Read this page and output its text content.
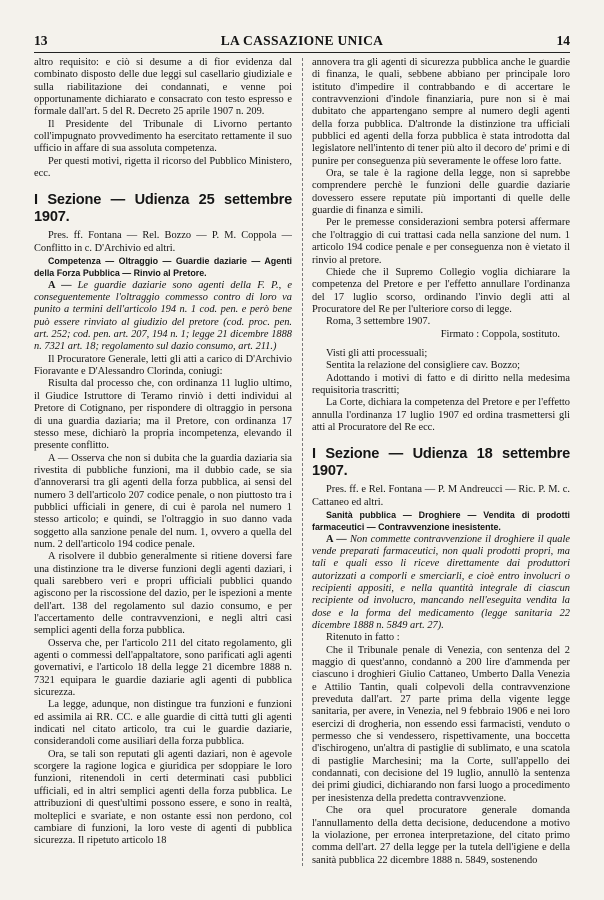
13	LA CASSAZIONE UNICA	14

altro requisito: e ciò si desume a di fior evidenza dal combinato disposto delle due leggi sul casellario giudiziale e sulla riabilitazione dei condannati, e venne poi opportunamente dichiarato e consacrato con testo espresso e formale dall'art. 5 del R. Decreto 25 aprile 1907 n. 209.

Il Presidente del Tribunale di Livorno pertanto coll'impugnato provvedimento ha esercitato rettamente il suo ufficio in affare di sua assoluta competenza.

Per questi motivi, rigetta il ricorso del Pubblico Ministero, ecc.

I Sezione — Udienza 25 settembre 1907.

Pres. ff. Fontana — Rel. Bozzo — P. M. Coppola — Conflitto in c. D'Archivio ed altri.

Competenza — Oltraggio — Guardie daziarie — Agenti della Forza Pubblica — Rinvio al Pretore.

A — Le guardie daziarie sono agenti della F. P., e conseguentemente l'oltraggio commesso contro di loro va punito a termini dell'articolo 194 n. 1 cod. pen. e però bene può essere rinviato al giudizio del pretore (cod. proc. pen. art. 252; cod. pen. art. 207, 194 n. 1; legge 21 dicembre 1888 n. 7321 art. 18; regolamento sul dazio consumo, art. 211.)

Il Procuratore Generale, letti gli atti a carico di D'Archivio Fioravante e D'Alessandro Clorinda, coniugi:

Risulta dal processo che, con ordinanza 11 luglio ultimo, il Giudice Istruttore di Teramo rinviò i detti individui al Pretore di Cotignano, per rispondere di oltraggio in persona di una guardia daziaria; ma il Pretore, con ordinanza 17 stesso mese, dichiarò la propria incompetenza, elevando il presente conflitto.

A — Osserva che non si dubita che la guardia daziaria sia rivestita di pubbliche funzioni, ma il dubbio cade, se sia d'annoverarsi tra gli agenti della forza pubblica, ai sensi del numero 3 dell'articolo 207 codice penale, o non piuttosto tra i pubblici ufficiali in genere, di cui è parola nel numero 1 stesso articolo; e quindi, se l'oltraggio in suo danno vada soggetto alla sanzione penale del num. 1, ovvero a quella del num. 2 dell'articolo 194 codice penale.

A risolvere il dubbio generalmente si ritiene doversi fare una distinzione tra le diverse funzioni degli agenti daziari, i quali sarebbero veri e propri ufficiali pubblici quando agiscono per la riscossione del dazio, per le ispezioni a mente dell'art. 138 del regolamento sul dazio consumo, e per l'accertamento delle contravvenzioni, e negli altri casi semplici agenti della forza pubblica.

Osserva che, per l'articolo 211 del citato regolamento, gli agenti o commessi dell'appaltatore, sono parificati agli agenti governativi, e l'articolo 18 della legge 21 dicembre 1888 n. 7321 equipara le guardie daziarie agli agenti di pubblica sicurezza.

La legge, adunque, non distingue tra funzioni e funzioni ed assimila ai RR. CC. e alle guardie di città tutti gli agenti indicati nel citato articolo, tra cui le guardie daziarie, considerandoli come ausiliari della forza pubblica.

Ora, se tali son reputati gli agenti daziari, non è agevole scorgere la ragione logica e giuridica per sdoppiare le loro funzioni, ritenendoli in certi determinati casi pubblici ufficiali, ed in altri semplici agenti della forza pubblica. Le attribuzioni di quest'ultimi possono essere, e sono in realtà, molteplici e svariate, e non ostante essi non perdono, col cambiare di funzioni, la loro veste di agenti di pubblica sicurezza. Il ripetuto articolo 18

annovera tra gli agenti di sicurezza pubblica anche le guardie di finanza, le quali, sebbene abbiano per principale loro istituto d'impedire il contrabbando e di accertare le contravvenzioni d'indole finanziaria, pure non si è mai dubitato che appartengano sempre al numero degli agenti della forza pubblica. D'altronde la distinzione tra ufficiali pubblici ed agenti della forza pubblica è stata introdotta dal legislatore nell'intento di tener più alto il decoro de' primi e di punire per conseguenza più severamente le offese loro fatte.

Ora, se tale è la ragione della legge, non si saprebbe comprendere perchè le funzioni delle guardie daziarie dovessero essere reputate più importanti di quelle delle guardie di finanza e simili.

Per le premesse considerazioni sembra potersi affermare che l'oltraggio di cui trattasi cada nella sanzione del num. 1 articolo 194 codice penale e per conseguenza non è vietato il rinvio al pretore.

Chiede che il Supremo Collegio voglia dichiarare la competenza del Pretore e per l'effetto annullare l'ordinanza del 17 luglio scorso, ordinando l'invio degli atti al Procuratore del Re per l'ulteriore corso di legge.

Roma, 3 settembre 1907.

Firmato : Coppola, sostituto.

Visti gli atti processuali;

Sentita la relazione del consigliere cav. Bozzo;

Adottando i motivi di fatto e di diritto nella medesima requisitoria trascritti;

La Corte, dichiara la competenza del Pretore e per l'effetto annulla l'ordinanza 17 luglio 1907 ed ordina trasmettersi gli atti al Procuratore del Re ecc.

I Sezione — Udienza 18 settembre 1907.

Pres. ff. e Rel. Fontana — P. M Andreucci — Ric. P. M. c. Cattaneo ed altri.

Sanità pubblica — Droghiere — Vendita di prodotti farmaceutici — Contravvenzione inesistente.

A — Non commette contravvenzione il droghiere il quale vende preparati farmaceutici, non quali prodotti propri, ma tali e quali esso li riceve direttamente dai produttori autorizzati a comporli e smerciarli, e cioè entro involucri o recipienti appositi, e nella quantità integrale di ciascun recipiente od involucro, mancando nell'eseguita vendita la dose e la forma del medicamento (legge sanitaria 22 dicembre 1888 n. 5849 art. 27).

Ritenuto in fatto :

Che il Tribunale penale di Venezia, con sentenza del 2 maggio di quest'anno, condannò a 200 lire d'ammenda per ciascuno i droghieri Giulio Cattaneo, Umberto Dalla Venezia e Attilio Tantin, quali colpevoli della contravvenzione preveduta dall'art. 27 parte prima della vigente legge sanitaria, per avere, in Venezia, nel 9 febbraio 1906 e nei loro esercizi di drogheria, non essendo essi farmacisti, venduto o permesso che si vendessero, rispettivamente, una boccetta d'ischirogeno, un'altra di pastiglie di sublimato, e una scatola di pastiglie Marchesini; ma la Corte, sull'appello dei condannati, con decisione del 19 luglio, annullò la sentenza dei primi giudici, dichiarando non farsi luogo a procedimento per inesistenza della predetta contravvenzione.

Che ora quel procuratore generale domanda l'annullamento della detta decisione, deducendone a motivo la violazione, per erronea interpretazione, del citato primo comma dell'art. 27 della legge per la tutela dell'igiene e della sanità pubblica 22 dicembre 1888 n. 5849, sostenendo
